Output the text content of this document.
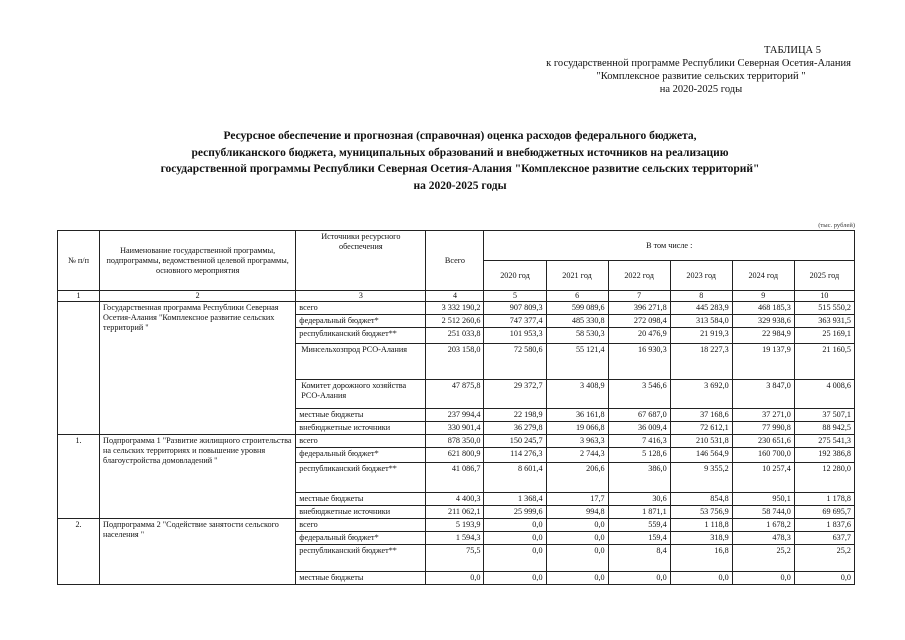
ТАБЛИЦА 5
к государственной программе Республики Северная Осетия-Алания
"Комплексное развитие сельских территорий "
на 2020-2025 годы
Ресурсное обеспечение и прогнозная (справочная) оценка расходов федерального бюджета,
республиканского бюджета, муниципальных образований и внебюджетных источников на реализацию
государственной программы Республики Северная Осетия-Алания "Комплексное развитие сельских территорий"
на 2020-2025 годы
(тыс. рублей)
№ п/п	Наименование государственной программы, подпрограммы, ведомственной целевой программы, основного мероприятия	Источники ресурсного обеспечения	Всего	В том числе :					
				2020 год	2021 год	2022 год	2023 год	2024 год	2025 год
1	2	3	4	5	6	7	8	9	10
	Государственная программа Республики Северная Осетия-Алания "Комплексное развитие сельских территорий "	всего	3 332 190,2	907 809,3	599 089,6	396 271,8	445 283,9	468 185,3	515 550,2
		федеральный бюджет*	2 512 260,6	747 377,4	485 330,8	272 098,4	313 584,0	329 938,6	363 931,5
		республиканский бюджет**	251 033,8	101 953,3	58 530,3	20 476,9	21 919,3	22 984,9	25 169,1
		Минсельхозпрод РСО-Алания	203 158,0	72 580,6	55 121,4	16 930,3	18 227,3	19 137,9	21 160,5
		Комитет дорожного хозяйства РСО-Алания	47 875,8	29 372,7	3 408,9	3 546,6	3 692,0	3 847,0	4 008,6
		местные бюджеты	237 994,4	22 198,9	36 161,8	67 687,0	37 168,6	37 271,0	37 507,1
		внебюджетные источники	330 901,4	36 279,8	19 066,8	36 009,4	72 612,1	77 990,8	88 942,5
1.	Подпрограмма 1 "Развитие жилищного строительства на сельских территориях и повышение уровня благоустройства домовладений "	всего	878 350,0	150 245,7	3 963,3	7 416,3	210 531,8	230 651,6	275 541,3
		федеральный бюджет*	621 800,9	114 276,3	2 744,3	5 128,6	146 564,9	160 700,0	192 386,8
		республиканский бюджет**	41 086,7	8 601,4	206,6	386,0	9 355,2	10 257,4	12 280,0
		местные бюджеты	4 400,3	1 368,4	17,7	30,6	854,8	950,1	1 178,8
		внебюджетные источники	211 062,1	25 999,6	994,8	1 871,1	53 756,9	58 744,0	69 695,7
2.	Подпрограмма 2 "Содействие занятости сельского населения "	всего	5 193,9	0,0	0,0	559,4	1 118,8	1 678,2	1 837,6
		федеральный бюджет*	1 594,3	0,0	0,0	159,4	318,9	478,3	637,7
		республиканский бюджет**	75,5	0,0	0,0	8,4	16,8	25,2	25,2
		местные бюджеты	0,0	0,0	0,0	0,0	0,0	0,0	0,0
